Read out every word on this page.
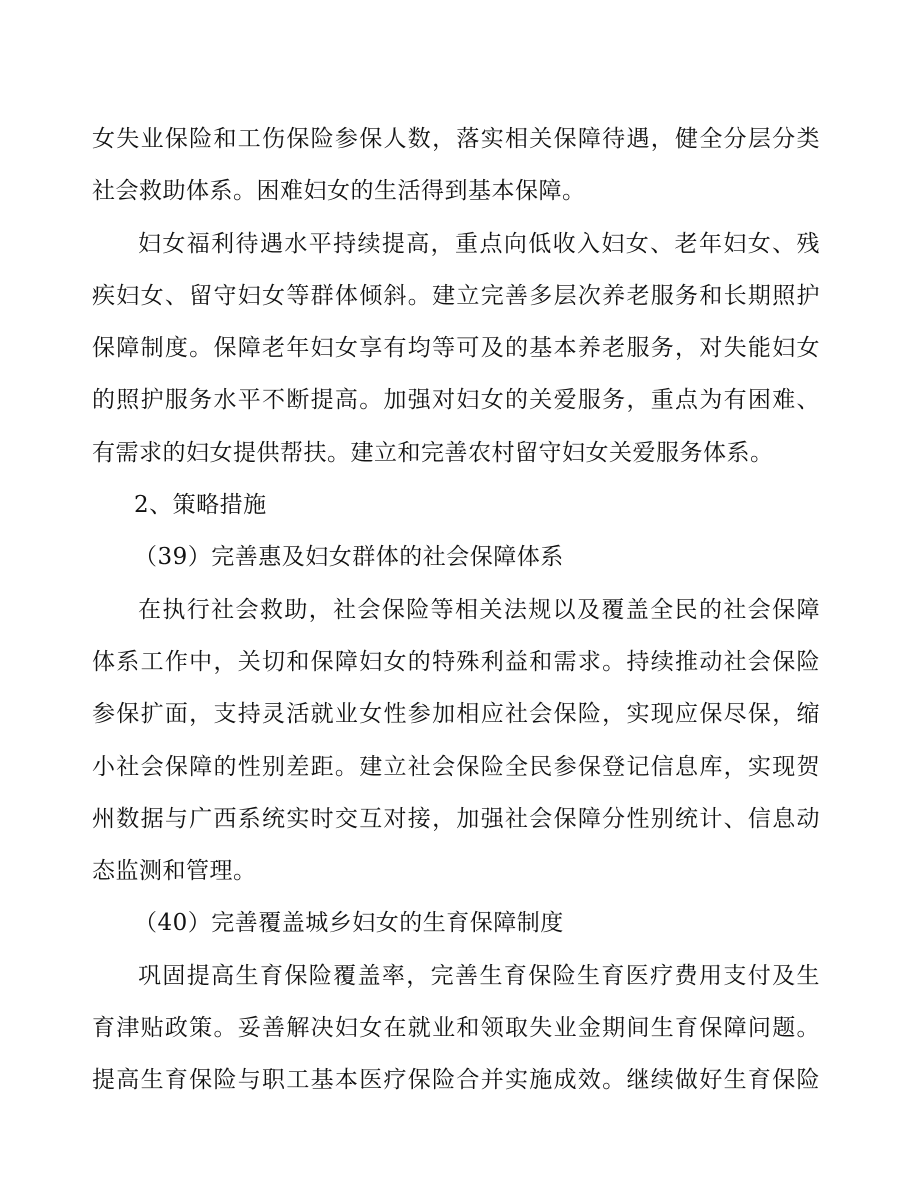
女失业保险和工伤保险参保人数，落实相关保障待遇，健全分层分类
社会救助体系。困难妇女的生活得到基本保障。
妇女福利待遇水平持续提高，重点向低收入妇女、老年妇女、残
疾妇女、留守妇女等群体倾斜。建立完善多层次养老服务和长期照护
保障制度。保障老年妇女享有均等可及的基本养老服务，对失能妇女
的照护服务水平不断提高。加强对妇女的关爱服务，重点为有困难、
有需求的妇女提供帮扶。建立和完善农村留守妇女关爱服务体系。
2、策略措施
（39）完善惠及妇女群体的社会保障体系
在执行社会救助，社会保险等相关法规以及覆盖全民的社会保障
体系工作中，关切和保障妇女的特殊利益和需求。持续推动社会保险
参保扩面，支持灵活就业女性参加相应社会保险，实现应保尽保，缩
小社会保障的性别差距。建立社会保险全民参保登记信息库，实现贺
州数据与广西系统实时交互对接，加强社会保障分性别统计、信息动
态监测和管理。
（40）完善覆盖城乡妇女的生育保障制度
巩固提高生育保险覆盖率，完善生育保险生育医疗费用支付及生
育津贴政策。妥善解决妇女在就业和领取失业金期间生育保障问题。
提高生育保险与职工基本医疗保险合并实施成效。继续做好生育保险
